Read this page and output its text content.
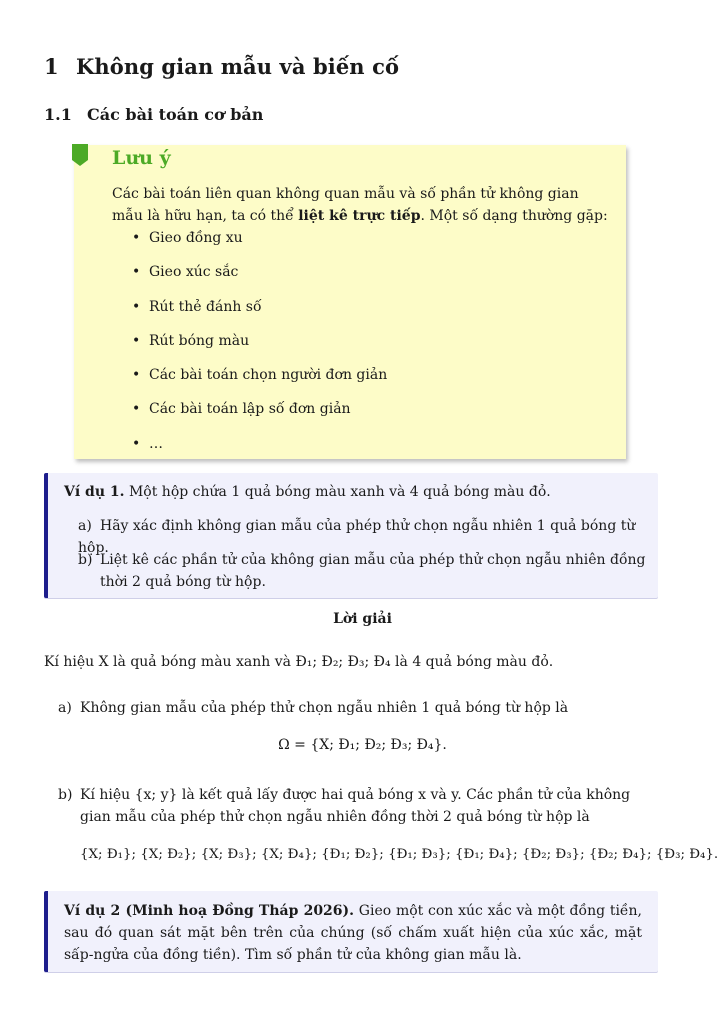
1 Không gian mẫu và biến cố
1.1 Các bài toán cơ bản
Lưu ý
Các bài toán liên quan không quan mẫu và số phần tử không gian mẫu là hữu hạn, ta có thể liệt kê trực tiếp. Một số dạng thường gặp:
• Gieo đồng xu
• Gieo xúc sắc
• Rút thẻ đánh số
• Rút bóng màu
• Các bài toán chọn người đơn giản
• Các bài toán lập số đơn giản
• …
Ví dụ 1. Một hộp chứa 1 quả bóng màu xanh và 4 quả bóng màu đỏ.
a) Hãy xác định không gian mẫu của phép thử chọn ngẫu nhiên 1 quả bóng từ hộp.
b) Liệt kê các phần tử của không gian mẫu của phép thử chọn ngẫu nhiên đồng thời 2 quả bóng từ hộp.
Lời giải
Kí hiệu X là quả bóng màu xanh và Đ₁; Đ₂; Đ₃; Đ₄ là 4 quả bóng màu đỏ.
a) Không gian mẫu của phép thử chọn ngẫu nhiên 1 quả bóng từ hộp là
Ω = {X; Đ₁; Đ₂; Đ₃; Đ₄}.
b) Kí hiệu {x; y} là kết quả lấy được hai quả bóng x và y. Các phần tử của không gian mẫu của phép thử chọn ngẫu nhiên đồng thời 2 quả bóng từ hộp là
{X; Đ₁}; {X; Đ₂}; {X; Đ₃}; {X; Đ₄}; {Đ₁; Đ₂}; {Đ₁; Đ₃}; {Đ₁; Đ₄}; {Đ₂; Đ₃}; {Đ₂; Đ₄}; {Đ₃; Đ₄}.
Ví dụ 2 (Minh hoạ Đồng Tháp 2026). Gieo một con xúc xắc và một đồng tiền, sau đó quan sát mặt bên trên của chúng (số chấm xuất hiện của xúc xắc, mặt sấp-ngửa của đồng tiền). Tìm số phần tử của không gian mẫu là.
